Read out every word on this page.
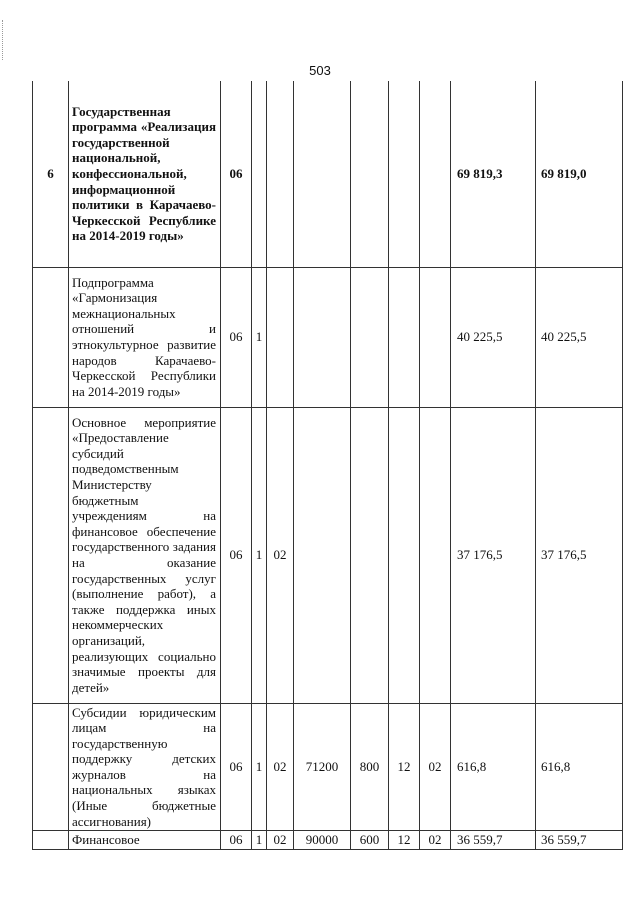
503
6	Государственная программа «Реализация государственной национальной, конфессиональной, информационной политики в Карачаево-Черкесской Республике на 2014-2019 годы»	06							69 819,3	69 819,0
	Подпрограмма «Гармонизация межнациональных отношений и этнокультурное развитие народов Карачаево-Черкесской Республики на 2014-2019 годы»	06	1						40 225,5	40 225,5
	Основное мероприятие «Предоставление субсидий подведомственным Министерству бюджетным учреждениям на финансовое обеспечение государственного задания на оказание государственных услуг (выполнение работ), а также поддержка иных некоммерческих организаций, реализующих социально значимые проекты для детей»	06	1	02					37 176,5	37 176,5
	Субсидии юридическим лицам на государственную поддержку детских журналов на национальных языках (Иные бюджетные ассигнования)	06	1	02	71200	800	12	02	616,8	616,8
	Финансовое	06	1	02	90000	600	12	02	36 559,7	36 559,7
